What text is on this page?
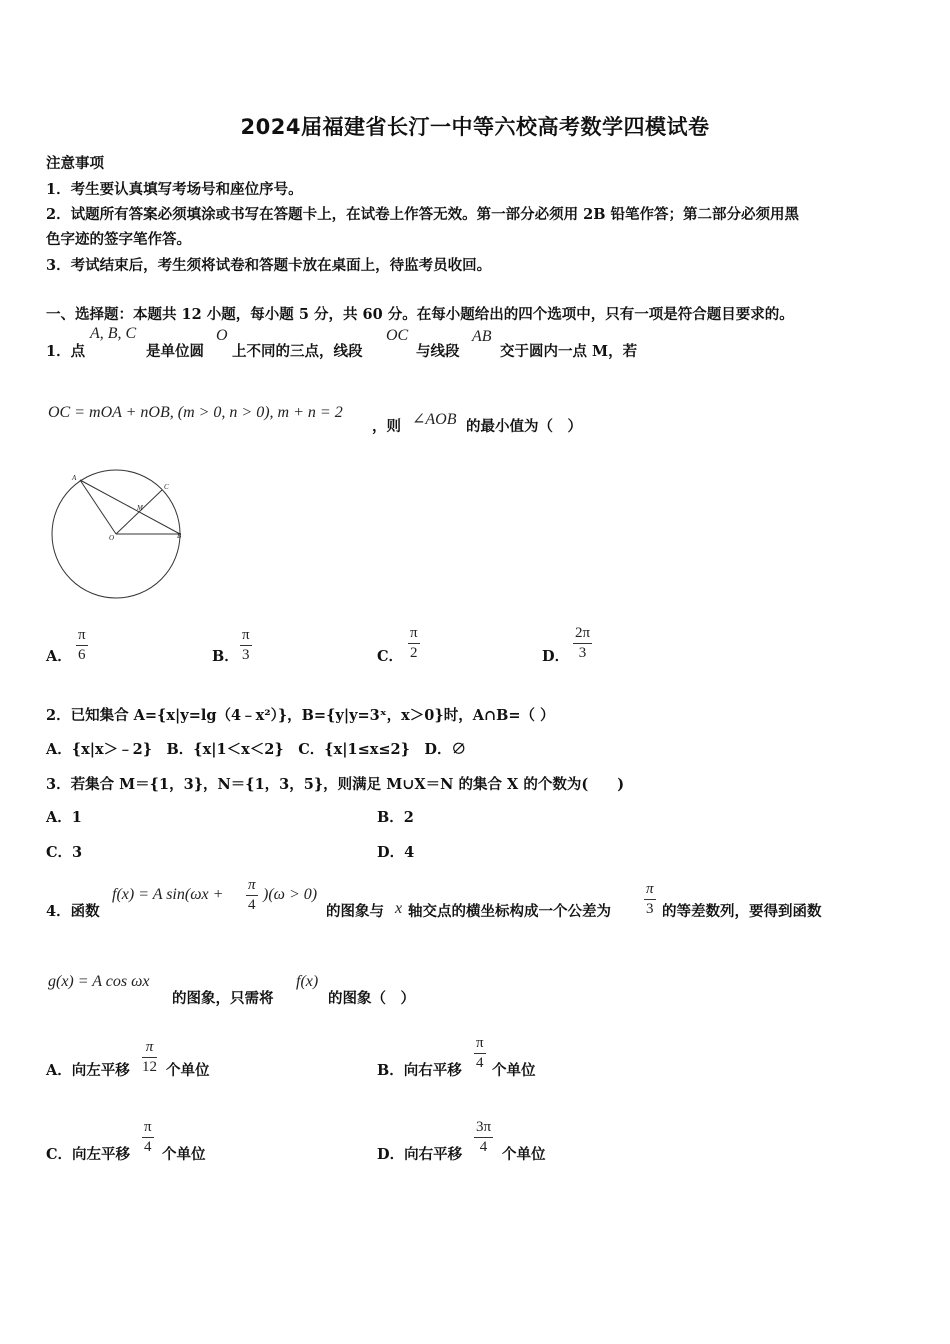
2024届福建省长汀一中等六校高考数学四模试卷
注意事项
1．考生要认真填写考场号和座位序号。
2．试题所有答案必须填涂或书写在答题卡上，在试卷上作答无效。第一部分必须用 2B 铅笔作答；第二部分必须用黑
色字迹的签字笔作答。
3．考试结束后，考生须将试卷和答题卡放在桌面上，待监考员收回。
一、选择题：本题共 12 小题，每小题 5 分，共 60 分。在每小题给出的四个选项中，只有一项是符合题目要求的。
1．点
A, B, C
是单位圆
O
上不同的三点，线段
OC
与线段
AB
交于圆内一点 M，若
OC = mOA + nOB, (m > 0, n > 0), m + n = 2
，则 ∠AOB 的最小值为（　）
A
C
M
O	B
A．
π
6	B．
π
3	C．
π
2	D．
2π
3
2．已知集合 A={x|y=lg（4﹣x²）}，B={y|y=3ˣ，x＞0}时，A∩B=（ ）
A．{x|x＞﹣2}　B．{x|1＜x＜2}　C．{x|1≤x≤2}　D．∅
3．若集合 M＝{1，3}，N＝{1，3，5}，则满足 M∪X＝N 的集合 X 的个数为(　　)
A．1	B．2
C．3	D．4
4．函数
f(x) = A sin(ωx +
π
4
)(ω > 0)
的图象与 x 轴交点的横坐标构成一个公差为
π
3 的等差数列，要得到函数
g(x) = A cos ωx
的图象，只需将
f(x)
的图象（　）
A．向左平移
π
12 个单位	B．向右平移
π
4 个单位
C．向左平移
π
4 个单位	D．向右平移
3π
4 个单位
